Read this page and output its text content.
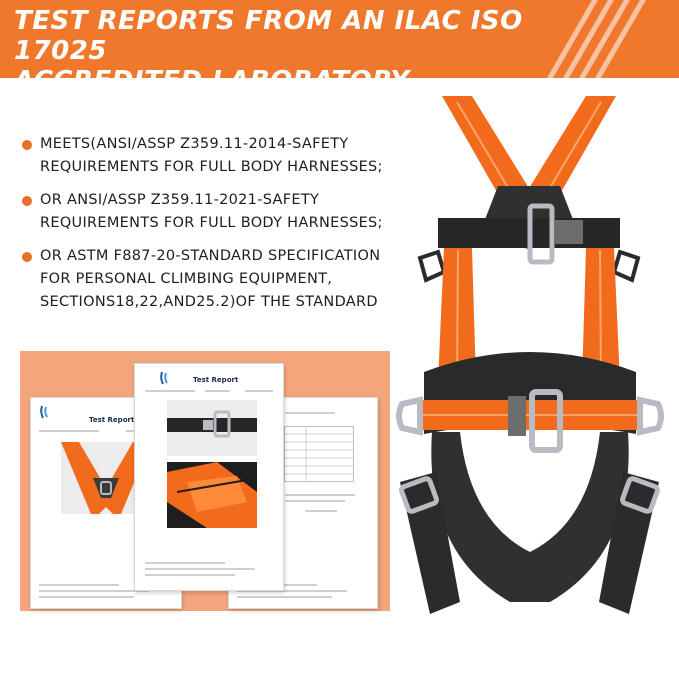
TEST REPORTS FROM AN ILAC ISO 17025
ACCREDITED LABORATORY
MEETS(ANSI/ASSP Z359.11-2014-SAFETY
REQUIREMENTS FOR FULL BODY HARNESSES;
OR ANSI/ASSP Z359.11-2021-SAFETY
REQUIREMENTS FOR FULL BODY HARNESSES;
OR ASTM F887-20-STANDARD SPECIFICATION
FOR PERSONAL CLIMBING EQUIPMENT,
SECTIONS18,22,AND25.2)OF THE STANDARD
Test Report
Test Report
